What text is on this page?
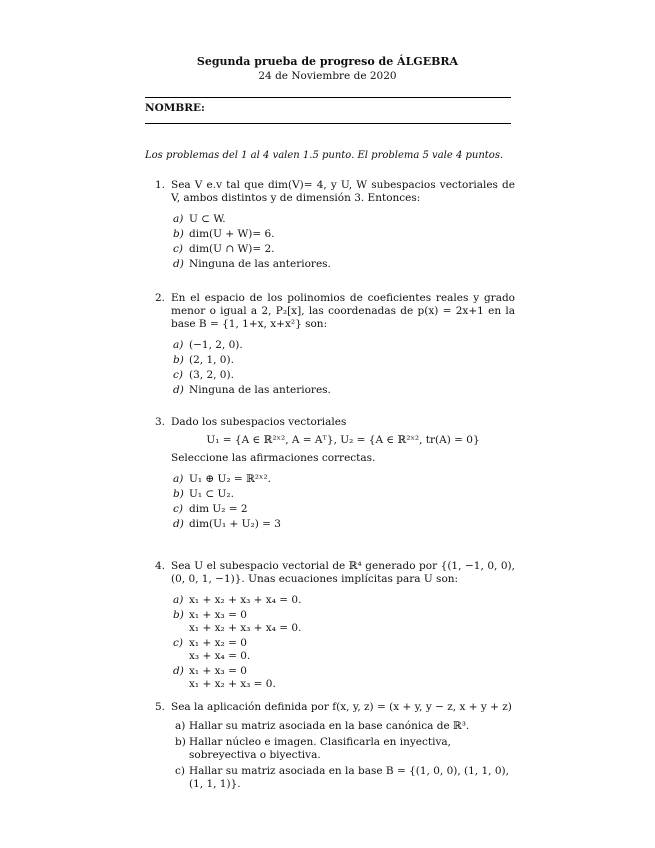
Segunda prueba de progreso de ÁLGEBRA
24 de Noviembre de 2020
NOMBRE:
Los problemas del 1 al 4 valen 1.5 punto. El problema 5 vale 4 puntos.
1. Sea V e.v tal que dim(V)= 4, y U, W subespacios vectoriales de V, ambos distintos y de dimensión 3. Entonces:
a) U ⊂ W.
b) dim(U + W)= 6.
c) dim(U ∩ W)= 2.
d) Ninguna de las anteriores.
2. En el espacio de los polinomios de coeficientes reales y grado menor o igual a 2, P₂[x], las coordenadas de p(x) = 2x+1 en la base B = {1, 1+x, x+x²} son:
a) (−1, 2, 0).
b) (2, 1, 0).
c) (3, 2, 0).
d) Ninguna de las anteriores.
3. Dado los subespacios vectoriales
U₁ = {A ∈ ℝ²ˣ², A = Aᵀ}, U₂ = {A ∈ ℝ²ˣ², tr(A) = 0}
Seleccione las afirmaciones correctas.
a) U₁ ⊕ U₂ = ℝ²ˣ².
b) U₁ ⊂ U₂.
c) dim U₂ = 2
d) dim(U₁ + U₂) = 3
4. Sea U el subespacio vectorial de ℝ⁴ generado por {(1, −1, 0, 0), (0, 0, 1, −1)}. Unas ecuaciones implícitas para U son:
a) x₁ + x₂ + x₃ + x₄ = 0.
b) x₁ + x₃ = 0
x₁ + x₂ + x₃ + x₄ = 0.
c) x₁ + x₂ = 0
x₃ + x₄ = 0.
d) x₁ + x₃ = 0
x₁ + x₂ + x₃ = 0.
5. Sea la aplicación definida por f(x, y, z) = (x + y, y − z, x + y + z)
a) Hallar su matriz asociada en la base canónica de ℝ³.
b) Hallar núcleo e imagen. Clasificarla en inyectiva, sobreyectiva o biyectiva.
c) Hallar su matriz asociada en la base B = {(1, 0, 0), (1, 1, 0), (1, 1, 1)}.
